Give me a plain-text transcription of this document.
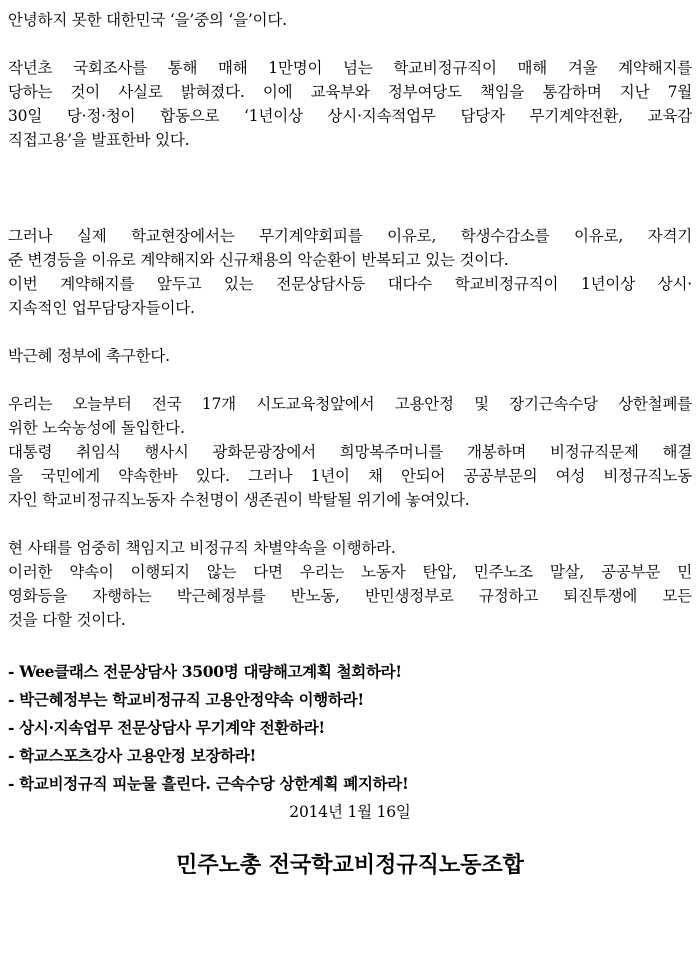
안녕하지 못한 대한민국 ‘을’중의 ‘을’이다.
작년초 국회조사를 통해 매해 1만명이 넘는 학교비정규직이 매해 겨울 계약해지를
당하는 것이 사실로 밝혀졌다. 이에 교육부와 정부여당도 책임을 통감하며 지난 7월
30일 당·정·청이 합동으로 ‘1년이상 상시·지속적업무 담당자 무기계약전환, 교육감
직접고용’을 발표한바 있다.
그러나 실제 학교현장에서는 무기계약회피를 이유로, 학생수감소를 이유로, 자격기
준 변경등을 이유로 계약해지와 신규채용의 악순환이 반복되고 있는 것이다.
이번 계약해지를 앞두고 있는 전문상담사등 대다수 학교비정규직이 1년이상 상시·
지속적인 업무담당자들이다.
박근혜 정부에 촉구한다.
우리는 오늘부터 전국 17개 시도교육청앞에서 고용안정 및 장기근속수당 상한철폐를
위한 노숙농성에 돌입한다.
대통령 취임식 행사시 광화문광장에서 희망복주머니를 개봉하며 비정규직문제 해결
을 국민에게 약속한바 있다. 그러나 1년이 채 안되어 공공부문의 여성 비정규직노동
자인 학교비정규직노동자 수천명이 생존권이 박탈될 위기에 놓여있다.
현 사태를 엄중히 책임지고 비정규직 차별약속을 이행하라.
이러한 약속이 이행되지 않는 다면 우리는 노동자 탄압, 민주노조 말살, 공공부문 민
영화등을 자행하는 박근혜정부를 반노동, 반민생정부로 규정하고 퇴진투쟁에 모든
것을 다할 것이다.
- Wee클래스 전문상담사 3500명 대량해고계획 철회하라!
- 박근혜정부는 학교비정규직 고용안정약속 이행하라!
- 상시·지속업무 전문상담사 무기계약 전환하라!
- 학교스포츠강사 고용안정 보장하라!
- 학교비정규직 피눈물 흘린다. 근속수당 상한계획 폐지하라!
2014년 1월 16일
민주노총 전국학교비정규직노동조합
